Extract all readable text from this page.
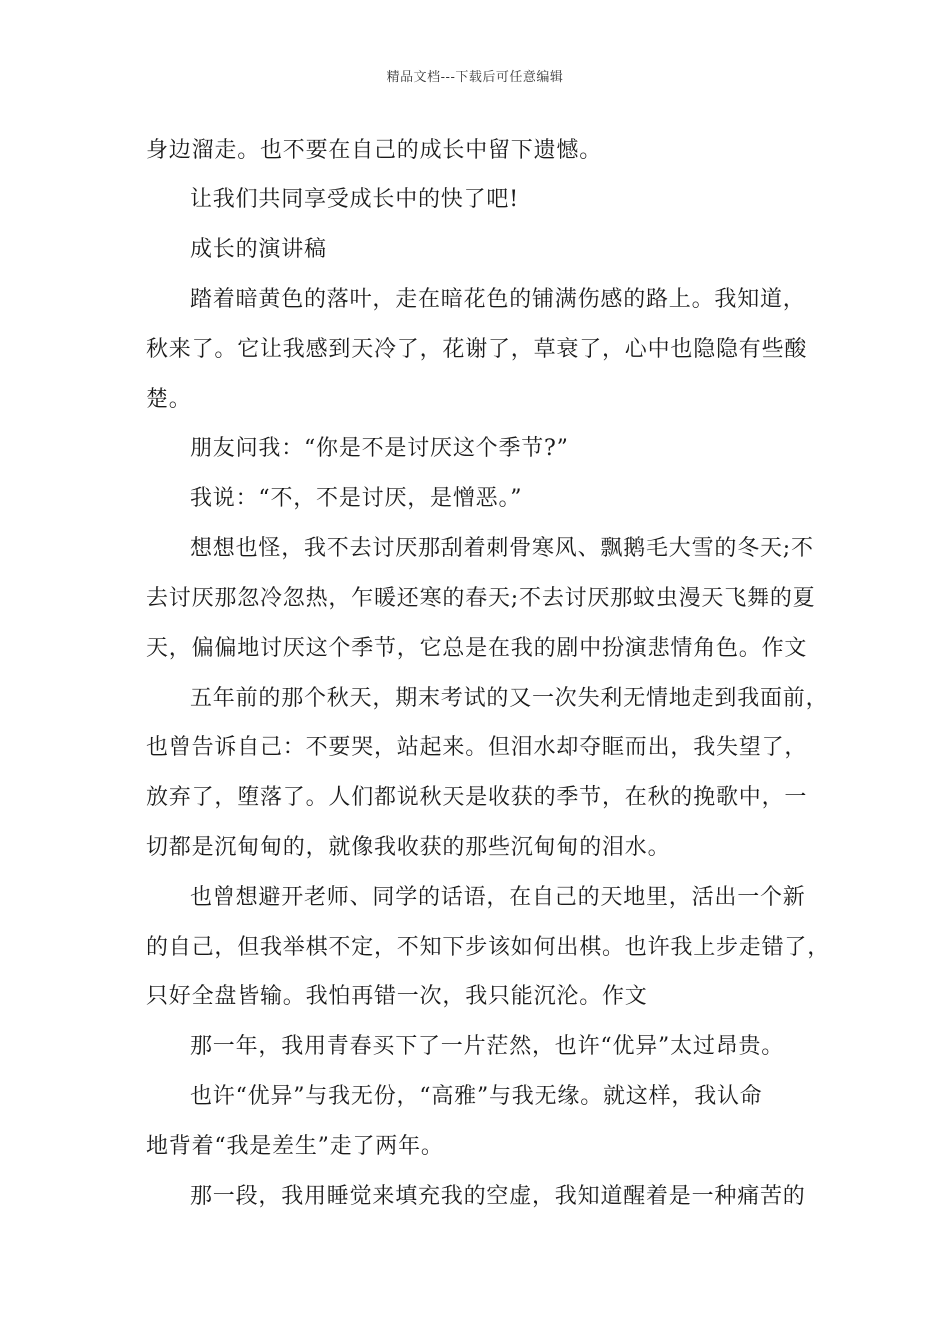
精品文档---下载后可任意编辑
身边溜走。也不要在自己的成长中留下遗憾。
让我们共同享受成长中的快了吧!
成长的演讲稿
踏着暗黄色的落叶，走在暗花色的铺满伤感的路上。我知道，
秋来了。它让我感到天冷了，花谢了，草衰了，心中也隐隐有些酸
楚。
朋友问我：“你是不是讨厌这个季节?”
我说：“不，不是讨厌，是憎恶。”
想想也怪，我不去讨厌那刮着刺骨寒风、飘鹅毛大雪的冬天;不
去讨厌那忽冷忽热，乍暖还寒的春天;不去讨厌那蚊虫漫天飞舞的夏
天，偏偏地讨厌这个季节，它总是在我的剧中扮演悲情角色。作文
五年前的那个秋天，期末考试的又一次失利无情地走到我面前，
也曾告诉自己：不要哭，站起来。但泪水却夺眶而出，我失望了，
放弃了，堕落了。人们都说秋天是收获的季节，在秋的挽歌中，一
切都是沉甸甸的，就像我收获的那些沉甸甸的泪水。
也曾想避开老师、同学的话语，在自己的天地里，活出一个新
的自己，但我举棋不定，不知下步该如何出棋。也许我上步走错了，
只好全盘皆输。我怕再错一次，我只能沉沦。作文
那一年，我用青春买下了一片茫然，也许“优异”太过昂贵。
也许“优异”与我无份，“高雅”与我无缘。就这样，我认命
地背着“我是差生”走了两年。
那一段，我用睡觉来填充我的空虚，我知道醒着是一种痛苦的
